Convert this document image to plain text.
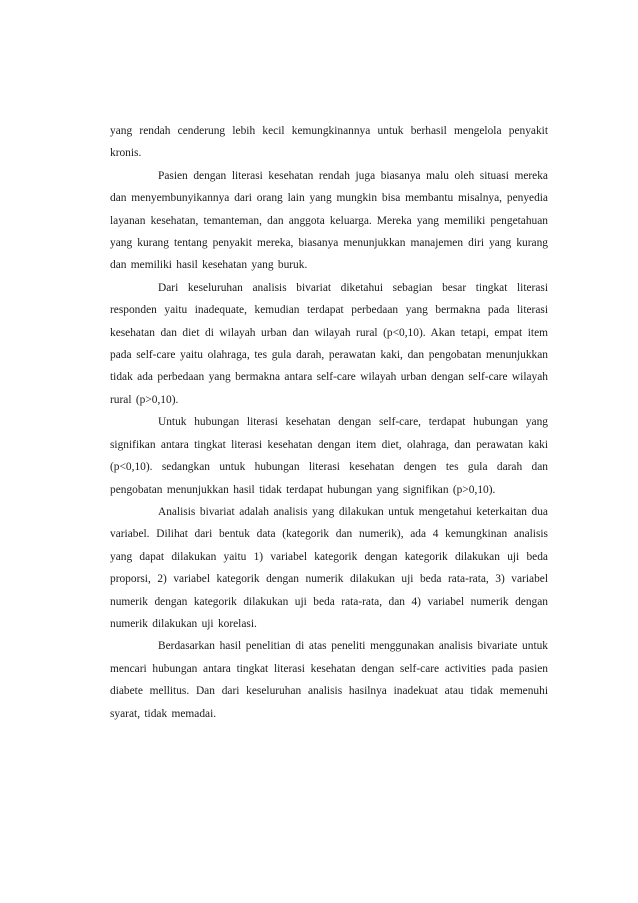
yang rendah cenderung lebih kecil kemungkinannya untuk berhasil mengelola penyakit kronis.

Pasien dengan literasi kesehatan rendah juga biasanya malu oleh situasi mereka dan menyembunyikannya dari orang lain yang mungkin bisa membantu misalnya, penyedia layanan kesehatan, temanteman, dan anggota keluarga. Mereka yang memiliki pengetahuan yang kurang tentang penyakit mereka, biasanya menunjukkan manajemen diri yang kurang dan memiliki hasil kesehatan yang buruk.

Dari keseluruhan analisis bivariat diketahui sebagian besar tingkat literasi responden yaitu inadequate, kemudian terdapat perbedaan yang bermakna pada literasi kesehatan dan diet di wilayah urban dan wilayah rural (p<0,10). Akan tetapi, empat item pada self-care yaitu olahraga, tes gula darah, perawatan kaki, dan pengobatan menunjukkan tidak ada perbedaan yang bermakna antara self-care wilayah urban dengan self-care wilayah rural (p>0,10).

Untuk hubungan literasi kesehatan dengan self-care, terdapat hubungan yang signifikan antara tingkat literasi kesehatan dengan item diet, olahraga, dan perawatan kaki (p<0,10). sedangkan untuk hubungan literasi kesehatan dengen tes gula darah dan pengobatan menunjukkan hasil tidak terdapat hubungan yang signifikan (p>0,10).

Analisis bivariat adalah analisis yang dilakukan untuk mengetahui keterkaitan dua variabel. Dilihat dari bentuk data (kategorik dan numerik), ada 4 kemungkinan analisis yang dapat dilakukan yaitu 1) variabel kategorik dengan kategorik dilakukan uji beda proporsi, 2) variabel kategorik dengan numerik dilakukan uji beda rata-rata, 3) variabel numerik dengan kategorik dilakukan uji beda rata-rata, dan 4) variabel numerik dengan numerik dilakukan uji korelasi.

Berdasarkan hasil penelitian di atas peneliti menggunakan analisis bivariate untuk mencari hubungan antara tingkat literasi kesehatan dengan self-care activities pada pasien diabete mellitus. Dan dari keseluruhan analisis hasilnya inadekuat atau tidak memenuhi syarat, tidak memadai.
